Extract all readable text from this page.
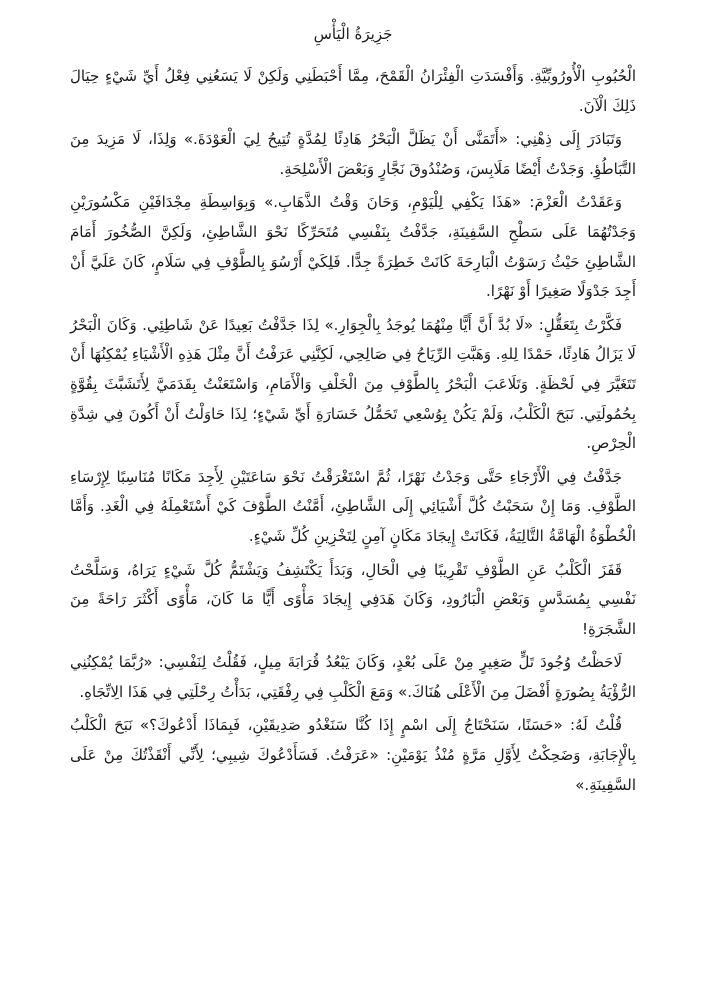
جَزِيرَةُ الْيَأْسِ

الْحُبُوبِ الْأُورُوبِّيَّةِ. وَأَفْسَدَتِ الْفِئْرَانُ الْقَمْحَ، مِمَّا أَحْبَطَنِي وَلَكِنْ لَا يَسَعُنِي فِعْلُ أَيِّ شَيْءٍ حِيَالَ ذَلِكَ الْآنَ.

وَتَبَادَرَ إِلَى ذِهْنِي: «أَتَمَنَّى أَنْ يَظَلَّ الْبَحْرُ هَادِئًا لِمُدَّةٍ تُتِيحُ لِيَ الْعَوْدَةَ.» وَلِذَا، لَا مَزِيدَ مِنَ التَّبَاطُؤِ. وَجَدْتُ أَيْضًا مَلَابِسَ، وَصُنْدُوقَ نَجَّارٍ وَبَعْضَ الْأَسْلِحَةِ.

وَعَقَدْتُ الْعَزْمَ: «هَذَا يَكْفِي لِلْيَوْمِ، وَحَانَ وَقْتُ الذَّهَابِ.» وَبِوَاسِطَةِ مِجْدَافَيْنِ مَكْسُورَيْنِ وَجَدْتُهُمَا عَلَى سَطْحِ السَّفِينَةِ، جَدَّفْتُ بِنَفْسِي مُتَحَرِّكًا نَحْوَ الشَّاطِئِ، وَلَكِنَّ الصُّخُورَ أَمَامَ الشَّاطِئِ حَيْثُ رَسَوْتُ الْبَارِحَةَ كَانَتْ خَطِرَةً جِدًّا. فَلِكَيْ أَرْسُوَ بِالطَّوْفِ فِي سَلَامٍ، كَانَ عَلَيَّ أَنْ أَجِدَ جَدْوَلًا صَغِيرًا أَوْ نَهْرًا.

فَكَّرْتُ بِتَعَقُّلٍ: «لَا بُدَّ أَنَّ أَيًّا مِنْهُمَا يُوجَدُ بِالْجِوَارِ.» لِذَا جَدَّفْتُ بَعِيدًا عَنْ شَاطِئِي. وَكَانَ الْبَحْرُ لَا يَزَالُ هَادِئًا، حَمْدًا لِلهِ. وَهَبَّتِ الرِّيَاحُ فِي صَالِحِي، لَكِنَّنِي عَرَفْتُ أَنَّ مِثْلَ هَذِهِ الْأَشْيَاءِ يُمْكِنُهَا أَنْ تَتَغَيَّرَ فِي لَحْظَةٍ. وَتَلَاعَبَ الْبَحْرُ بِالطَّوْفِ مِنَ الْخَلْفِ وَالْأَمَامِ، وَاسْتَعَنْتُ بِقَدَمَيَّ لِأَتَشَبَّثَ بِقُوَّةٍ بِحُمُولَتِي. نَبَحَ الْكَلْبُ، وَلَمْ يَكُنْ بِوُسْعِي تَحَمُّلُ خَسَارَةِ أَيِّ شَيْءٍ؛ لِذَا حَاوَلْتُ أَنْ أَكُونَ فِي شِدَّةِ الْحِرْصِ.

جَدَّفْتُ فِي الْأَرْجَاءِ حَتَّى وَجَدْتُ نَهْرًا، ثُمَّ اسْتَغْرَقْتُ نَحْوَ سَاعَتَيْنِ لِأَجِدَ مَكَانًا مُنَاسِبًا لِإِرْسَاءِ الطَّوْفِ. وَمَا إِنْ سَحَبْتُ كُلَّ أَشْيَائِي إِلَى الشَّاطِئِ، أَمَّنْتُ الطَّوْفَ كَيْ أَسْتَعْمِلَهُ فِي الْغَدِ. وَأَمَّا الْخُطْوَةُ الْهَامَّةُ التَّالِيَةُ، فَكَانَتْ إِيجَادَ مَكَانٍ آمِنٍ لِتَخْزِينِ كُلِّ شَيْءٍ.

قَفَزَ الْكَلْبُ عَنِ الطَّوْفِ تَقْرِيبًا فِي الْحَالِ، وَبَدَأَ يَكْتَشِفُ وَيَشْتَمُّ كُلَّ شَيْءٍ يَرَاهُ، وَسَلَّحْتُ نَفْسِي بِمُسَدَّسٍ وَبَعْضِ الْبَارُودِ، وَكَانَ هَدَفِي إِيجَادَ مَأْوًى أَيًّا مَا كَانَ، مَأْوًى أَكْثَرَ رَاحَةً مِنَ الشَّجَرَةِ!

لَاحَظْتُ وُجُودَ تَلٍّ صَغِيرٍ مِنْ عَلَى بُعْدٍ، وَكَانَ يَبْعُدُ قُرَابَةَ مِيلٍ، فَقُلْتُ لِنَفْسِي: «رُبَّمَا يُمْكِنُنِي الرُّؤْيَةُ بِصُورَةٍ أَفْضَلَ مِنَ الْأَعْلَى هُنَاكَ.» وَمَعَ الْكَلْبِ فِي رِفْقَتِي، بَدَأْتُ رِحْلَتِي فِي هَذَا الِاتِّجَاهِ.

قُلْتُ لَهُ: «حَسَنًا، سَنَحْتَاجُ إِلَى اسْمٍ إِذَا كُنَّا سَنَغْدُو صَدِيقَيْنِ، فَبِمَاذَا أَدْعُوكَ؟» نَبَحَ الْكَلْبُ بِالْإِجَابَةِ، وَضَحِكْتُ لِأَوَّلِ مَرَّةٍ مُنْذُ يَوْمَيْنِ: «عَرَفْتُ. فَسَأَدْعُوكَ شِيبِي؛ لِأَنِّي أَنْقَذْتُكَ مِنْ عَلَى السَّفِينَةِ.»
